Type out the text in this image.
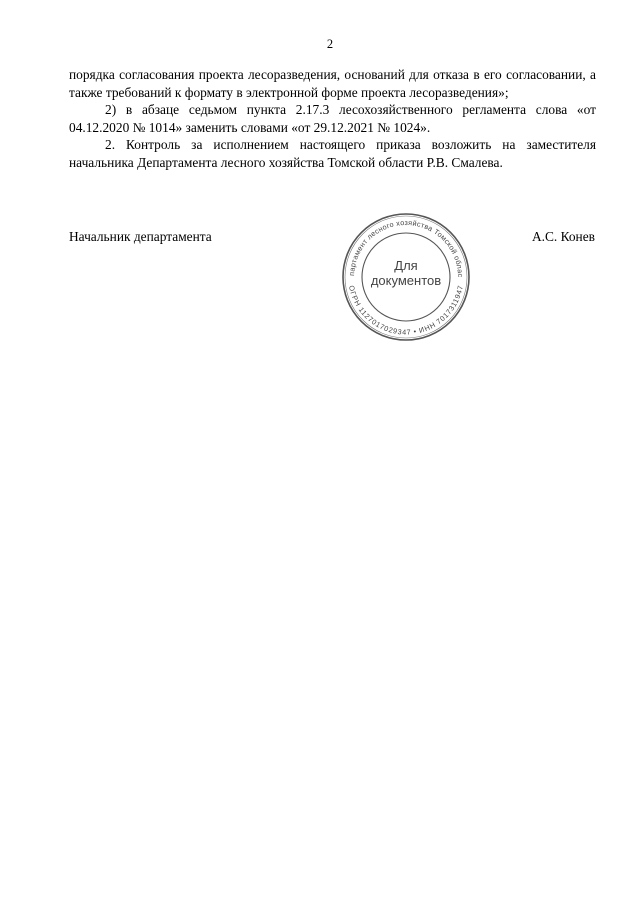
2

порядка согласования проекта лесоразведения, оснований для отказа в его согласовании, а также требований к формату в электронной форме проекта лесоразведения»;

2) в абзаце седьмом пункта 2.17.3 лесохозяйственного регламента слова «от 04.12.2020 № 1014» заменить словами «от 29.12.2021 № 1024».

2. Контроль за исполнением настоящего приказа возложить на заместителя начальника Департамента лесного хозяйства Томской области Р.В. Смалева.

Начальник департамента	А.С. Конев
партамент лесного хозяйства Томской облас
ОГРН 1127017029347 • ИНН 7017311947
Для
документов
